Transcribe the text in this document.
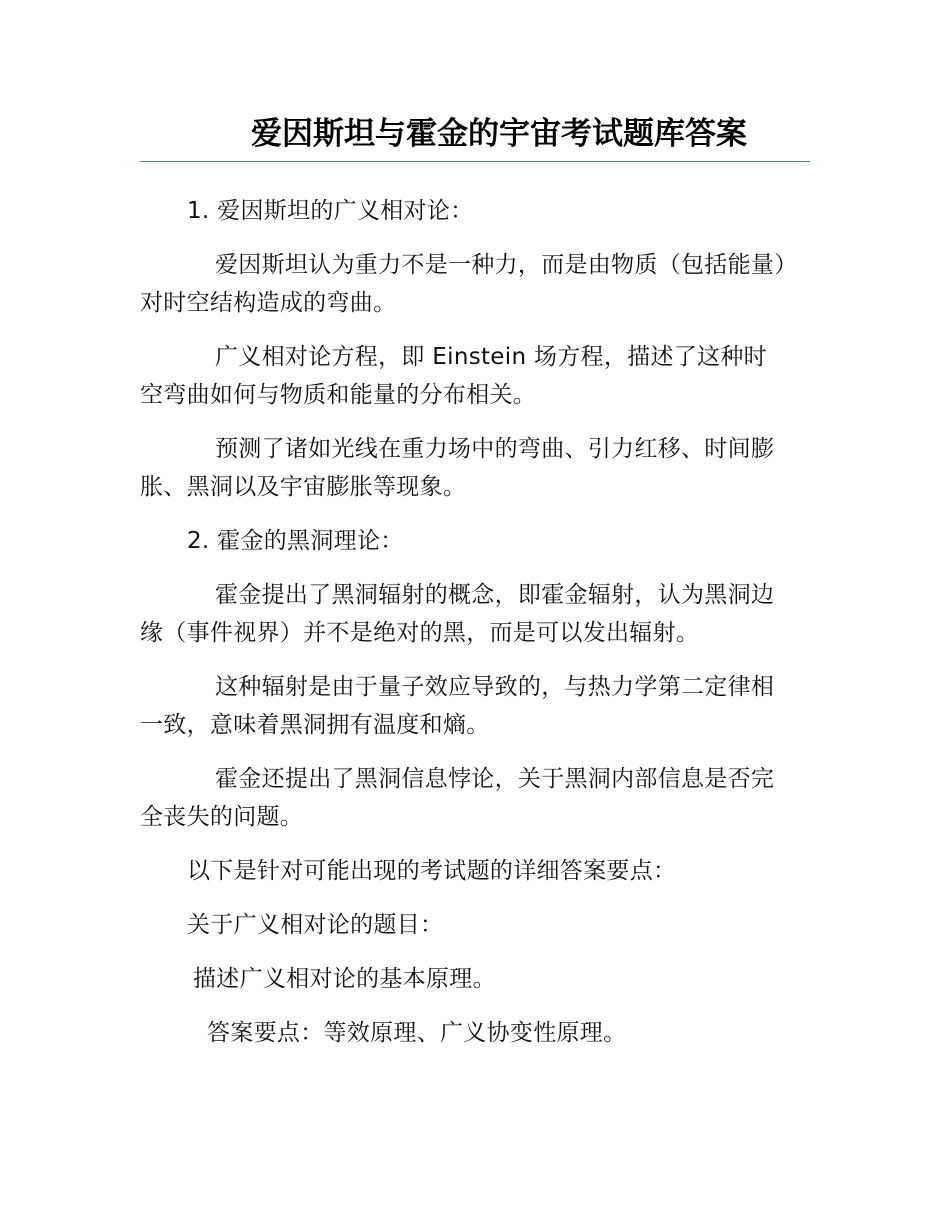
爱因斯坦与霍金的宇宙考试题库答案

1. 爱因斯坦的广义相对论：

爱因斯坦认为重力不是一种力，而是由物质（包括能量）对时空结构造成的弯曲。

广义相对论方程，即 Einstein 场方程，描述了这种时空弯曲如何与物质和能量的分布相关。

预测了诸如光线在重力场中的弯曲、引力红移、时间膨胀、黑洞以及宇宙膨胀等现象。

2. 霍金的黑洞理论：

霍金提出了黑洞辐射的概念，即霍金辐射，认为黑洞边缘（事件视界）并不是绝对的黑，而是可以发出辐射。

这种辐射是由于量子效应导致的，与热力学第二定律相一致，意味着黑洞拥有温度和熵。

霍金还提出了黑洞信息悖论，关于黑洞内部信息是否完全丧失的问题。

以下是针对可能出现的考试题的详细答案要点：

关于广义相对论的题目：

描述广义相对论的基本原理。

答案要点：等效原理、广义协变性原理。
